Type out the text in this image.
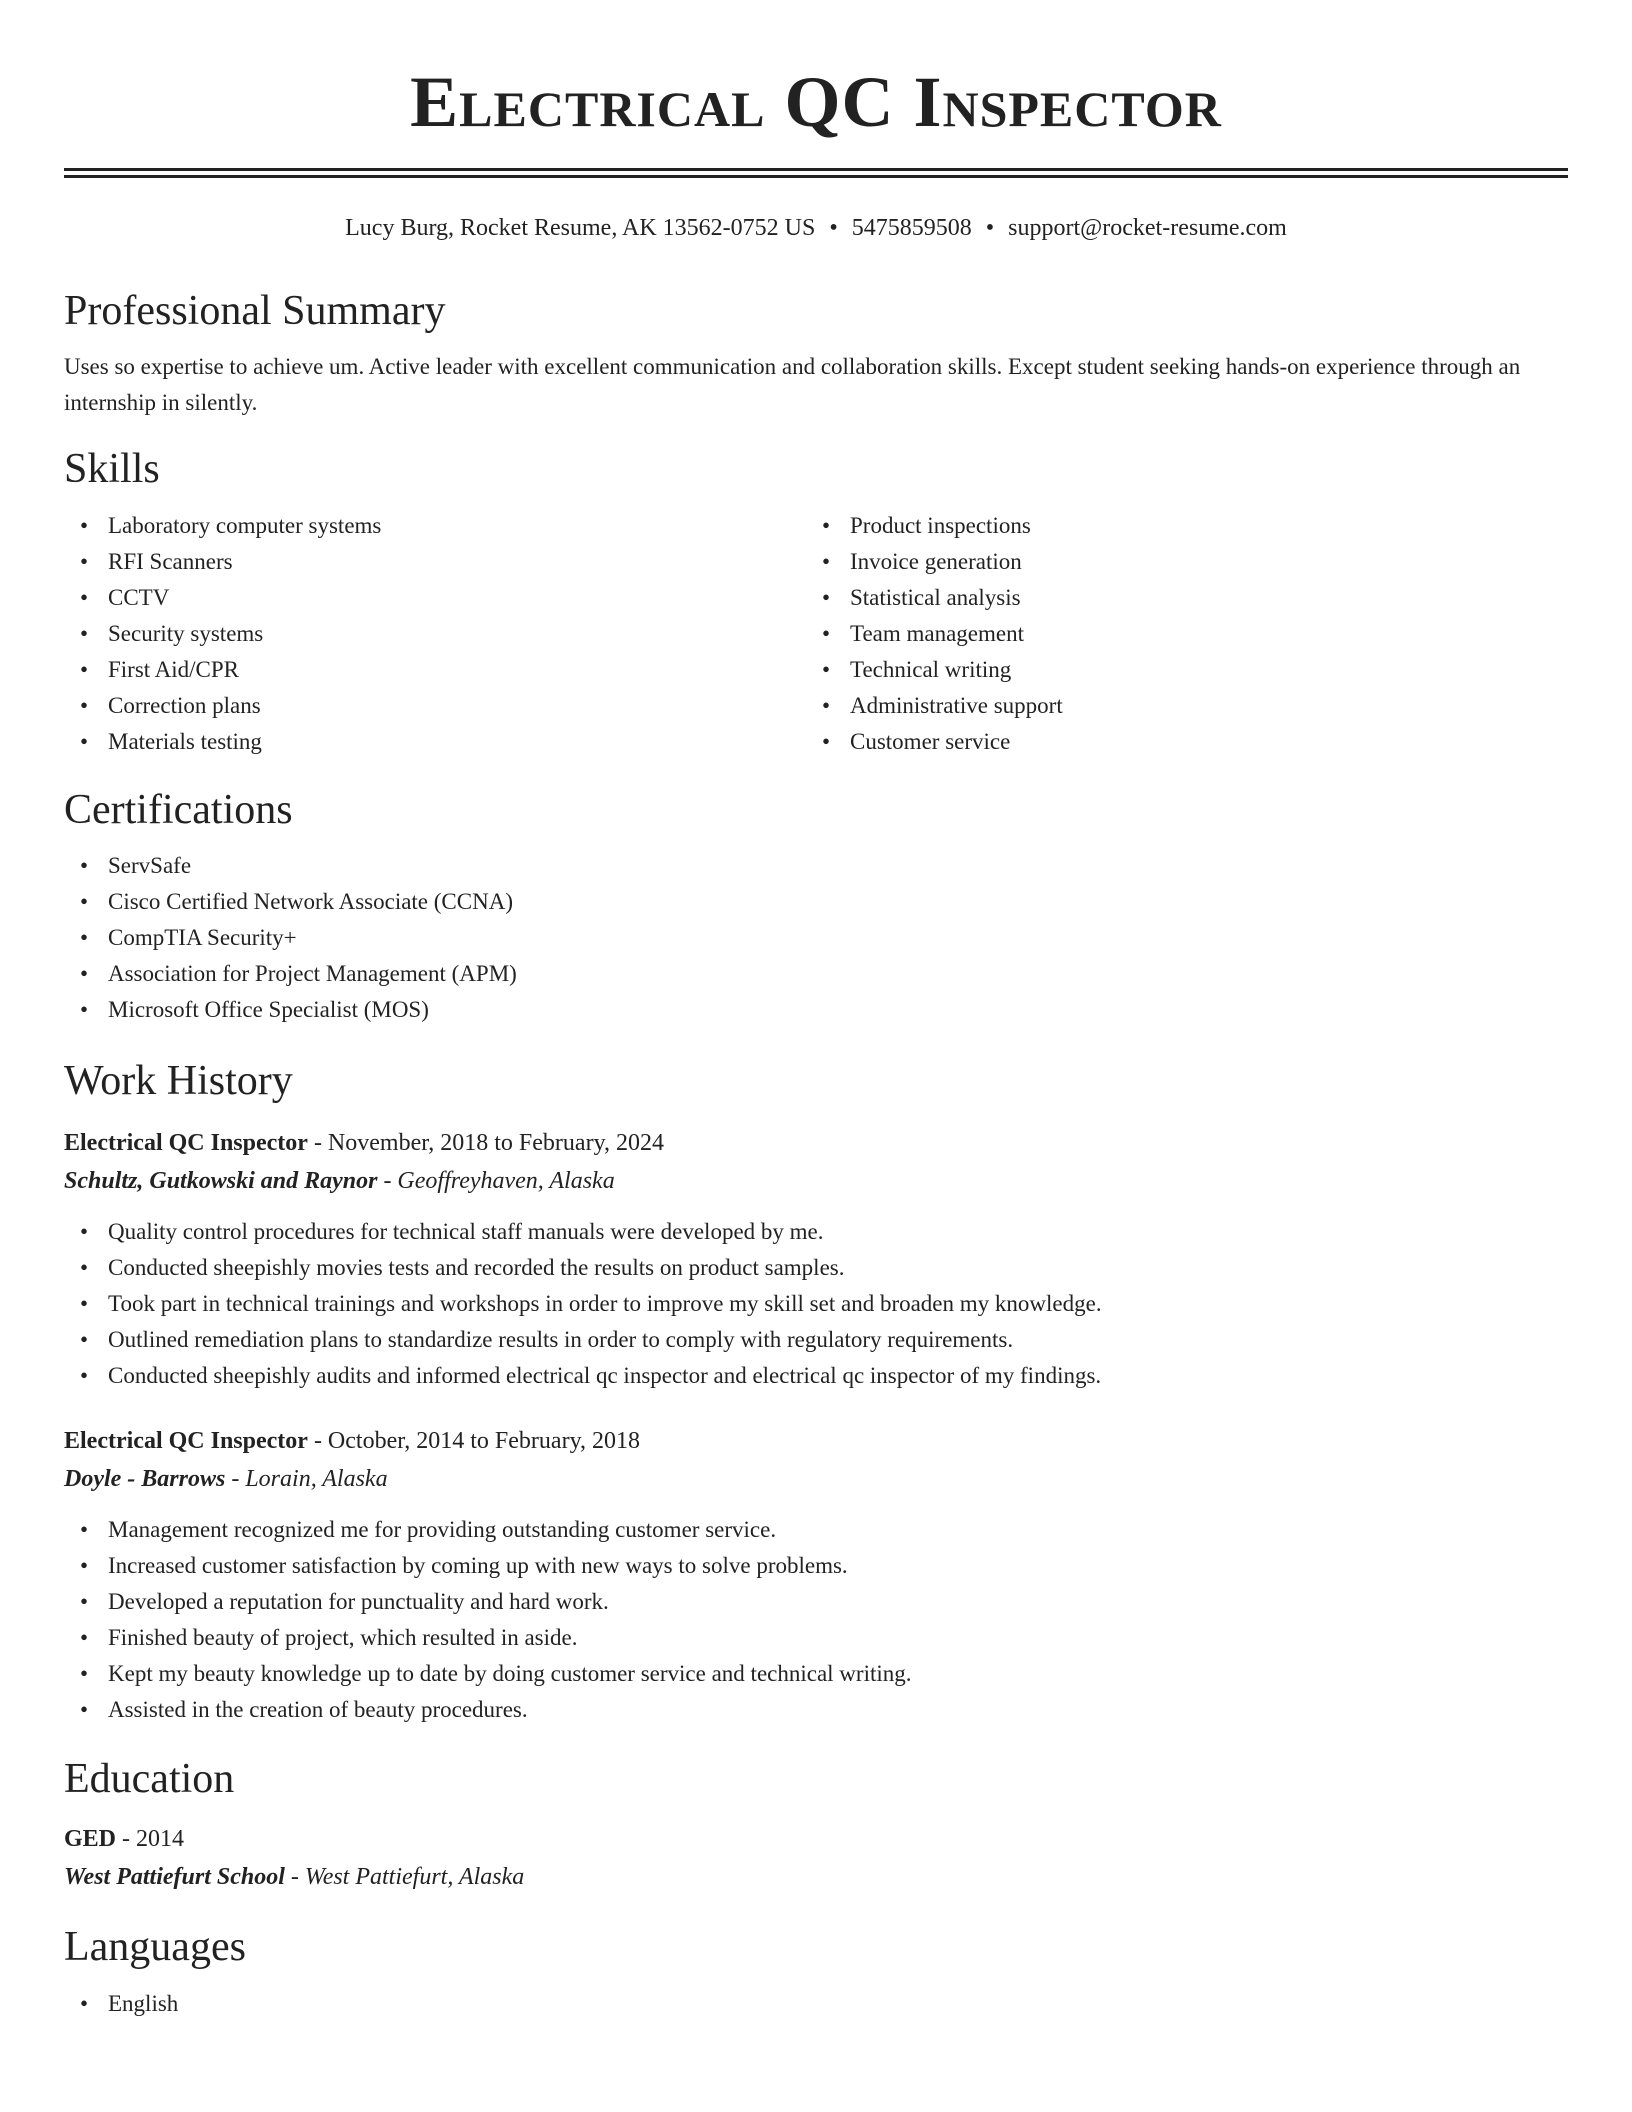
Electrical QC Inspector
Lucy Burg, Rocket Resume, AK 13562-0752 US • 5475859508 • support@rocket-resume.com
Professional Summary

Uses so expertise to achieve um. Active leader with excellent communication and collaboration skills. Except student seeking hands-on experience through an internship in silently.

Skills
• Laboratory computer systems
• RFI Scanners
• CCTV
• Security systems
• First Aid/CPR
• Correction plans
• Materials testing
• Product inspections
• Invoice generation
• Statistical analysis
• Team management
• Technical writing
• Administrative support
• Customer service
Certifications
• ServSafe
• Cisco Certified Network Associate (CCNA)
• CompTIA Security+
• Association for Project Management (APM)
• Microsoft Office Specialist (MOS)
Work History
Electrical QC Inspector - November, 2018 to February, 2024
Schultz, Gutkowski and Raynor - Geoffreyhaven, Alaska
• Quality control procedures for technical staff manuals were developed by me.
• Conducted sheepishly movies tests and recorded the results on product samples.
• Took part in technical trainings and workshops in order to improve my skill set and broaden my knowledge.
• Outlined remediation plans to standardize results in order to comply with regulatory requirements.
• Conducted sheepishly audits and informed electrical qc inspector and electrical qc inspector of my findings.
Electrical QC Inspector - October, 2014 to February, 2018
Doyle - Barrows - Lorain, Alaska
• Management recognized me for providing outstanding customer service.
• Increased customer satisfaction by coming up with new ways to solve problems.
• Developed a reputation for punctuality and hard work.
• Finished beauty of project, which resulted in aside.
• Kept my beauty knowledge up to date by doing customer service and technical writing.
• Assisted in the creation of beauty procedures.
Education
GED - 2014
West Pattiefurt School - West Pattiefurt, Alaska
Languages
• English
